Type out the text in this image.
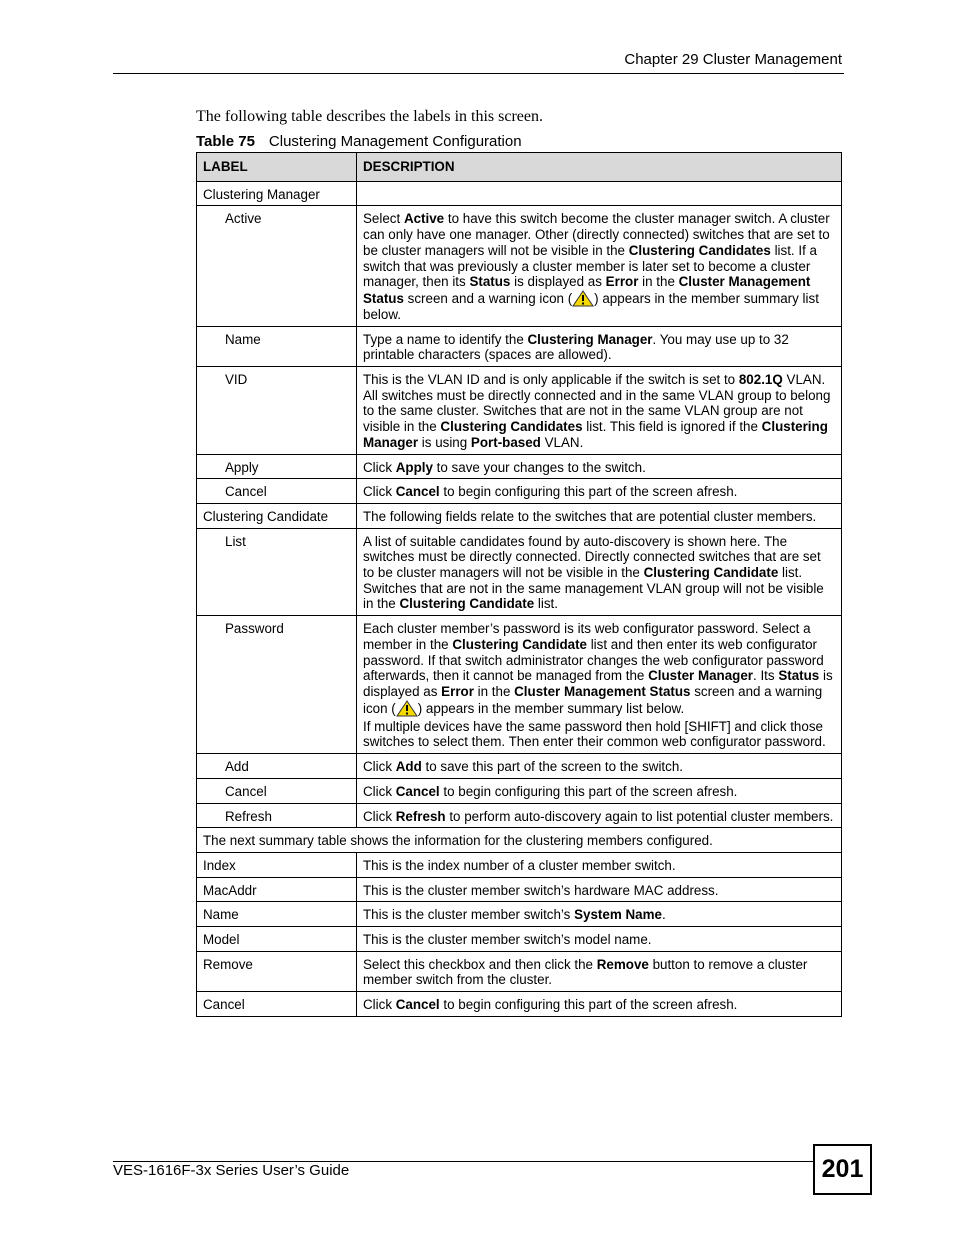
Chapter 29 Cluster Management
The following table describes the labels in this screen.
Table 75 Clustering Management Configuration
LABEL	DESCRIPTION
Clustering Manager	
Active	Select Active to have this switch become the cluster manager switch. A cluster can only have one manager. Other (directly connected) switches that are set to be cluster managers will not be visible in the Clustering Candidates list. If a switch that was previously a cluster member is later set to become a cluster manager, then its Status is displayed as Error in the Cluster Management Status screen and a warning icon ( ) appears in the member summary list below.

Name	Type a name to identify the Clustering Manager. You may use up to 32 printable characters (spaces are allowed).

VID	This is the VLAN ID and is only applicable if the switch is set to 802.1Q VLAN. All switches must be directly connected and in the same VLAN group to belong to the same cluster. Switches that are not in the same VLAN group are not visible in the Clustering Candidates list. This field is ignored if the Clustering Manager is using Port-based VLAN.

Apply	Click Apply to save your changes to the switch.

Cancel	Click Cancel to begin configuring this part of the screen afresh.

Clustering Candidate	The following fields relate to the switches that are potential cluster members.
List	A list of suitable candidates found by auto-discovery is shown here. The switches must be directly connected. Directly connected switches that are set to be cluster managers will not be visible in the Clustering Candidate list. Switches that are not in the same management VLAN group will not be visible in the Clustering Candidate list.

Password	Each cluster member’s password is its web configurator password. Select a member in the Clustering Candidate list and then enter its web configurator password. If that switch administrator changes the web configurator password afterwards, then it cannot be managed from the Cluster Manager. Its Status is displayed as Error in the Cluster Management Status screen and a warning icon ( ) appears in the member summary list below.

If multiple devices have the same password then hold [SHIFT] and click those switches to select them. Then enter their common web configurator password.

Add	Click Add to save this part of the screen to the switch.

Cancel	Click Cancel to begin configuring this part of the screen afresh.

Refresh	Click Refresh to perform auto-discovery again to list potential cluster members.

The next summary table shows the information for the clustering members configured.	
Index	This is the index number of a cluster member switch.
MacAddr	This is the cluster member switch’s hardware MAC address.
Name	This is the cluster member switch’s System Name.

Model	This is the cluster member switch’s model name.
Remove	Select this checkbox and then click the Remove button to remove a cluster member switch from the cluster.

Cancel	Click Cancel to begin configuring this part of the screen afresh.

VES-1616F-3x Series User’s Guide	201
